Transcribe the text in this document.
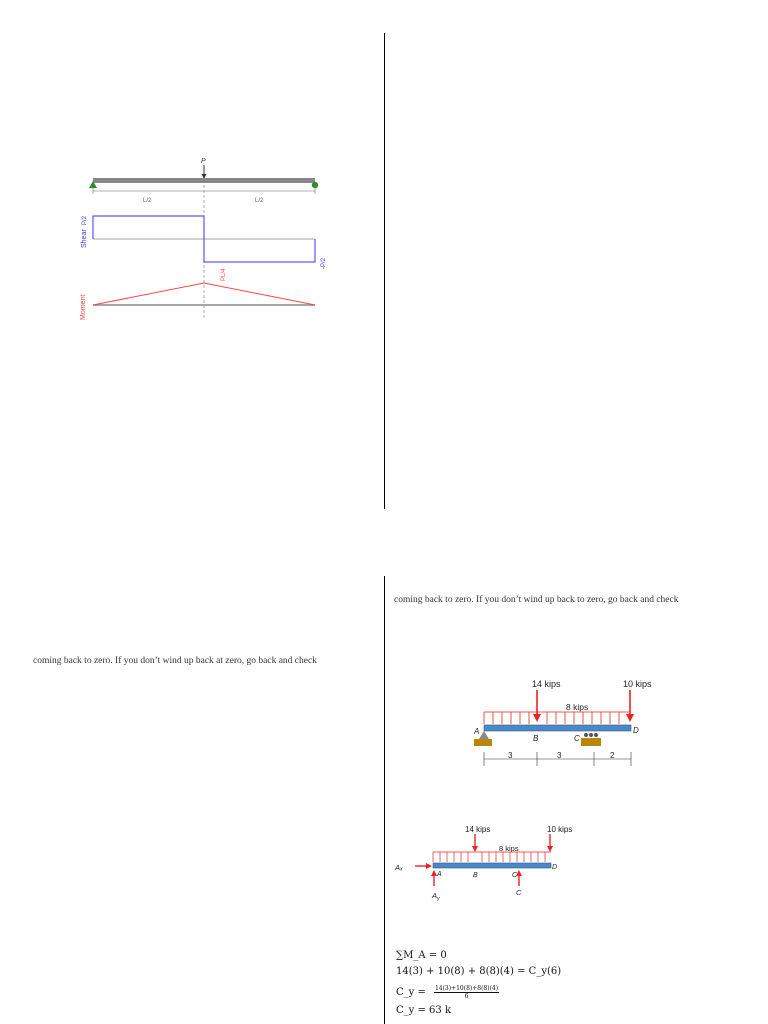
P
L/2	L/2
Shear
P/2
-P/2
Moment
PL/4
coming back to zero. If you don’t wind up back at zero, go back and check
coming back to zero. If you don’t wind up back to zero, go back and check
14 kips	10 kips
8 kips
A
B	C
D
3	3	2
14 kips	10 kips
8 kips
Aₓ
$A_y$
C
A	B	C
D
∑M_A = 0
14(3) + 10(8) + 8(8)(4) = C_y(6)
C_y = $\frac{14(3)+10(8)+8(8)(4)}{6}$
C_y = 63 k
